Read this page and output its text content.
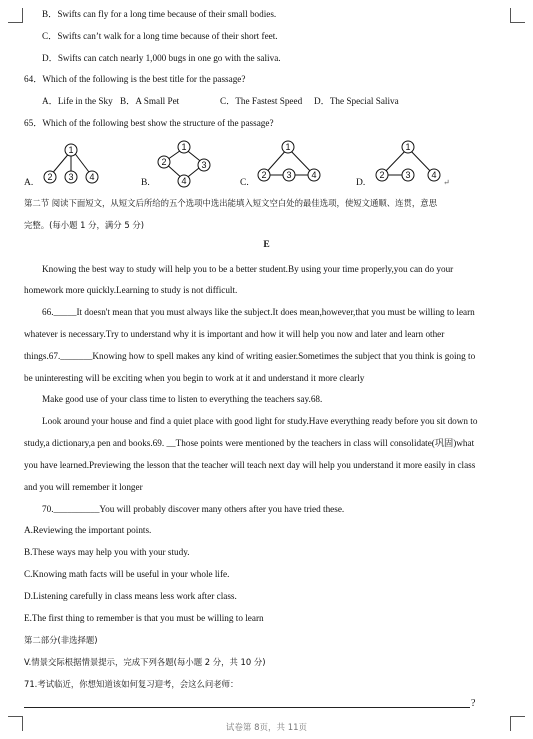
B．Swifts can fly for a long time because of their small bodies.
C．Swifts can’t walk for a long time because of their short feet.
D．Swifts can catch nearly 1,000 bugs in one go with the saliva.
64．Which of the following is the best title for the passage?
A．Life in the Sky B．A Small Pet	C．The Fastest Speed D．The Special Saliva
65．Which of the following best show the structure of the passage?
A.
1
2 3 4
B.
1
2	3
4	C.
1
2 3 4
D.
1
2 3 4
↵
第二节 阅读下面短文，从短文后所给的五个选项中选出能填入短文空白处的最佳选项，使短文通顺、连贯，意思
完整。(每小题 1 分，满分 5 分)
E
Knowing the best way to study will help you to be a better student.By using your time properly,you can do your
homework more quickly.Learning to study is not difficult.
66._____It doesn't mean that you must always like the subject.It does mean,however,that you must be willing to learn
whatever is necessary.Try to understand why it is important and how it will help you now and later and learn other
things.67._______Knowing how to spell makes any kind of writing easier.Sometimes the subject that you think is going to
be uninteresting will be exciting when you begin to work at it and understand it more clearly
Make good use of your class time to listen to everything the teachers say.68.
Look around your house and find a quiet place with good light for study.Have everything ready before you sit down to
study,a dictionary,a pen and books.69. __Those points were mentioned by the teachers in class will consolidate(巩固)what
you have learned.Previewing the lesson that the teacher will teach next day will help you understand it more easily in class
and you will remember it longer
70.__________You will probably discover many others after you have tried these.
A.Reviewing the important points.
B.These ways may help you with your study.
C.Knowing math facts will be useful in your whole life.
D.Listening carefully in class means less work after class.
E.The first thing to remember is that you must be willing to learn
第二部分(非选择题)
V.情景交际根据情景提示，完成下列各题(每小题 2 分，共 10 分)
71.考试临近，你想知道该如何复习迎考，会这么问老师：
?
试卷第 8页，共 11页
